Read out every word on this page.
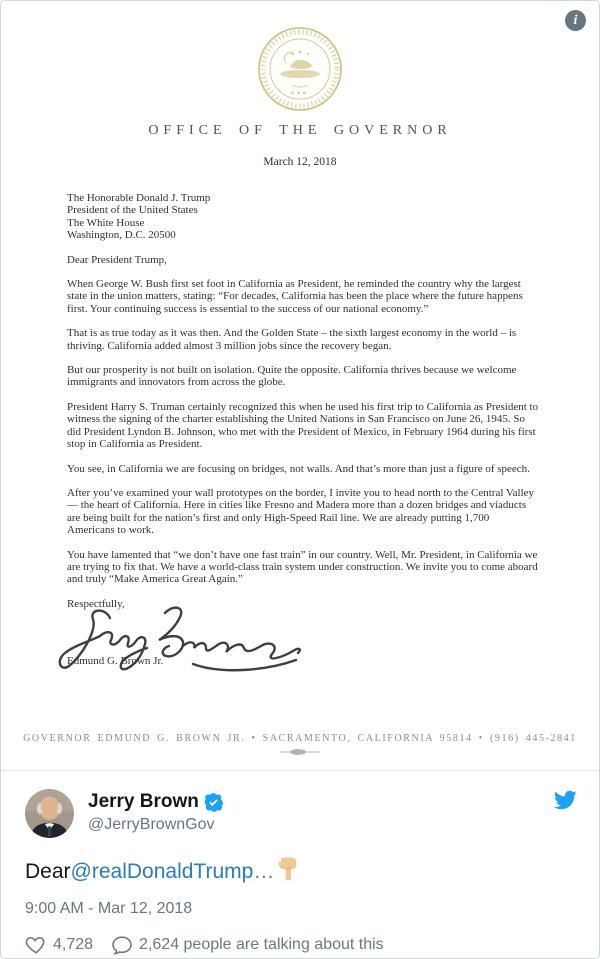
i
OFFICE OF THE GOVERNOR
March 12, 2018
The Honorable Donald J. Trump
President of the United States
The White House
Washington, D.C. 20500
Dear President Trump,

When George W. Bush first set foot in California as President, he reminded the country why the largest state in the union matters, stating: “For decades, California has been the place where the future happens first. Your continuing success is essential to the success of our national economy.”

That is as true today as it was then. And the Golden State – the sixth largest economy in the world – is thriving. California added almost 3 million jobs since the recovery began.

But our prosperity is not built on isolation. Quite the opposite. California thrives because we welcome immigrants and innovators from across the globe.

President Harry S. Truman certainly recognized this when he used his first trip to California as President to witness the signing of the charter establishing the United Nations in San Francisco on June 26, 1945. So did President Lyndon B. Johnson, who met with the President of Mexico, in February 1964 during his first stop in California as President.

You see, in California we are focusing on bridges, not walls. And that’s more than just a figure of speech.

After you’ve examined your wall prototypes on the border, I invite you to head north to the Central Valley — the heart of California. Here in cities like Fresno and Madera more than a dozen bridges and viaducts are being built for the nation’s first and only High-Speed Rail line. We are already putting 1,700 Americans to work.

You have lamented that “we don’t have one fast train” in our country. Well, Mr. President, in California we are trying to fix that. We have a world-class train system under construction. We invite you to come aboard and truly “Make America Great Again.”

Respectfully,
Edmund G. Brown Jr.
GOVERNOR EDMUND G. BROWN JR. • SACRAMENTO, CALIFORNIA 95814 • (916) 445-2841
Jerry Brown
@JerryBrownGov
Dear @realDonaldTrump …
9:00 AM - Mar 12, 2018
4,728	2,624 people are talking about this
